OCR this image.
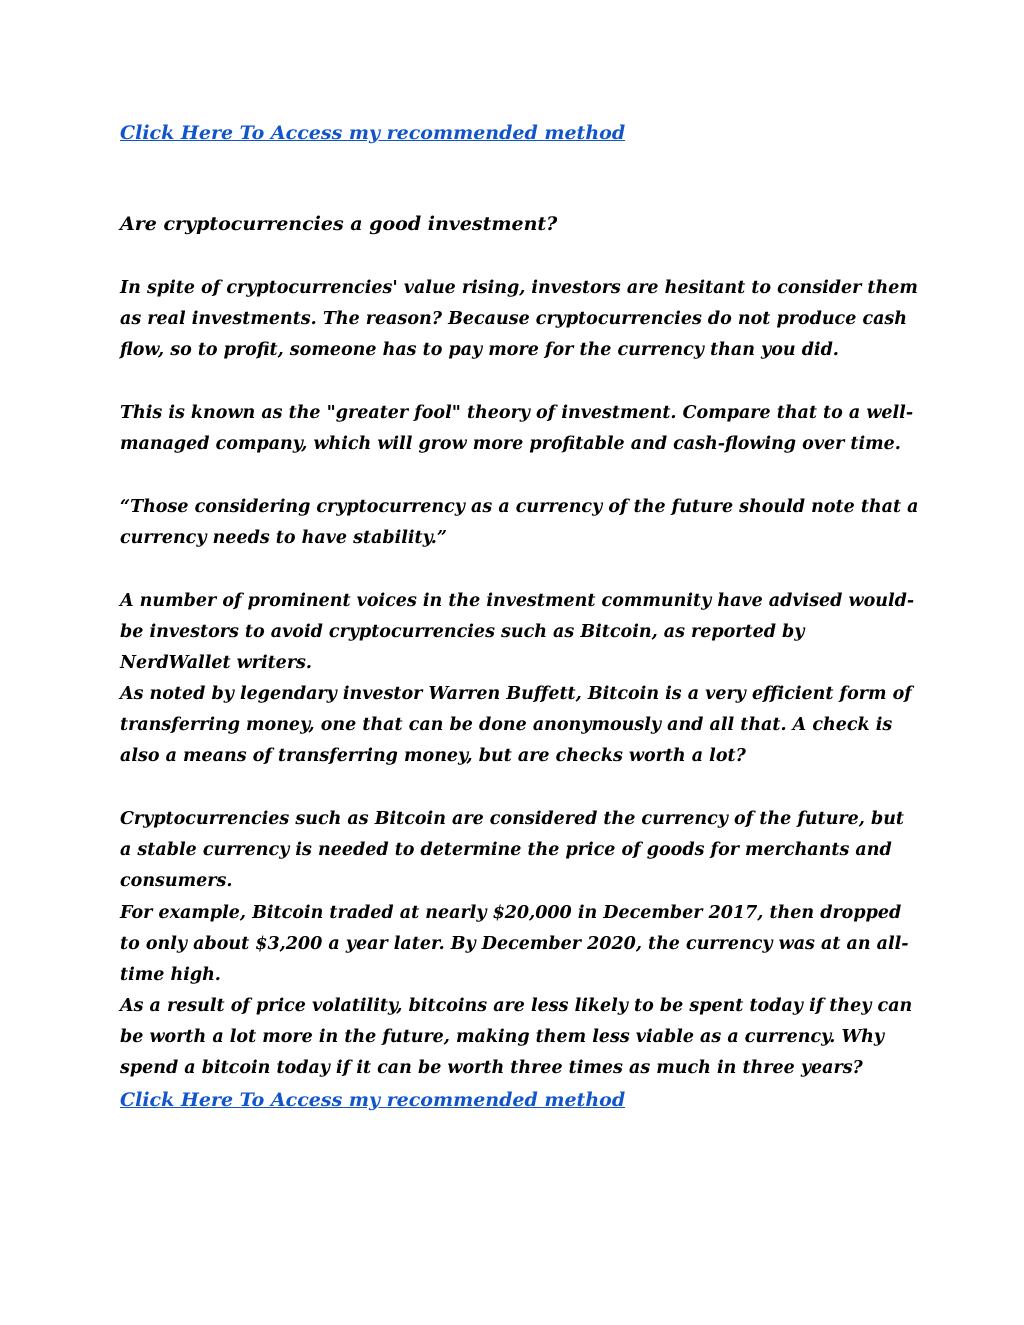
Click Here To Access my recommended method
Are cryptocurrencies a good investment?

In spite of cryptocurrencies' value rising, investors are hesitant to consider them as real investments. The reason? Because cryptocurrencies do not produce cash flow, so to profit, someone has to pay more for the currency than you did.

This is known as the "greater fool" theory of investment. Compare that to a well-managed company, which will grow more profitable and cash-flowing over time.

“Those considering cryptocurrency as a currency of the future should note that a currency needs to have stability.”

A number of prominent voices in the investment community have advised would-be investors to avoid cryptocurrencies such as Bitcoin, as reported by NerdWallet writers.

As noted by legendary investor Warren Buffett, Bitcoin is a very efficient form of transferring money, one that can be done anonymously and all that. A check is also a means of transferring money, but are checks worth a lot?

Cryptocurrencies such as Bitcoin are considered the currency of the future, but a stable currency is needed to determine the price of goods for merchants and consumers.

For example, Bitcoin traded at nearly $20,000 in December 2017, then dropped to only about $3,200 a year later. By December 2020, the currency was at an all-time high.

As a result of price volatility, bitcoins are less likely to be spent today if they can be worth a lot more in the future, making them less viable as a currency. Why spend a bitcoin today if it can be worth three times as much in three years?

Click Here To Access my recommended method
